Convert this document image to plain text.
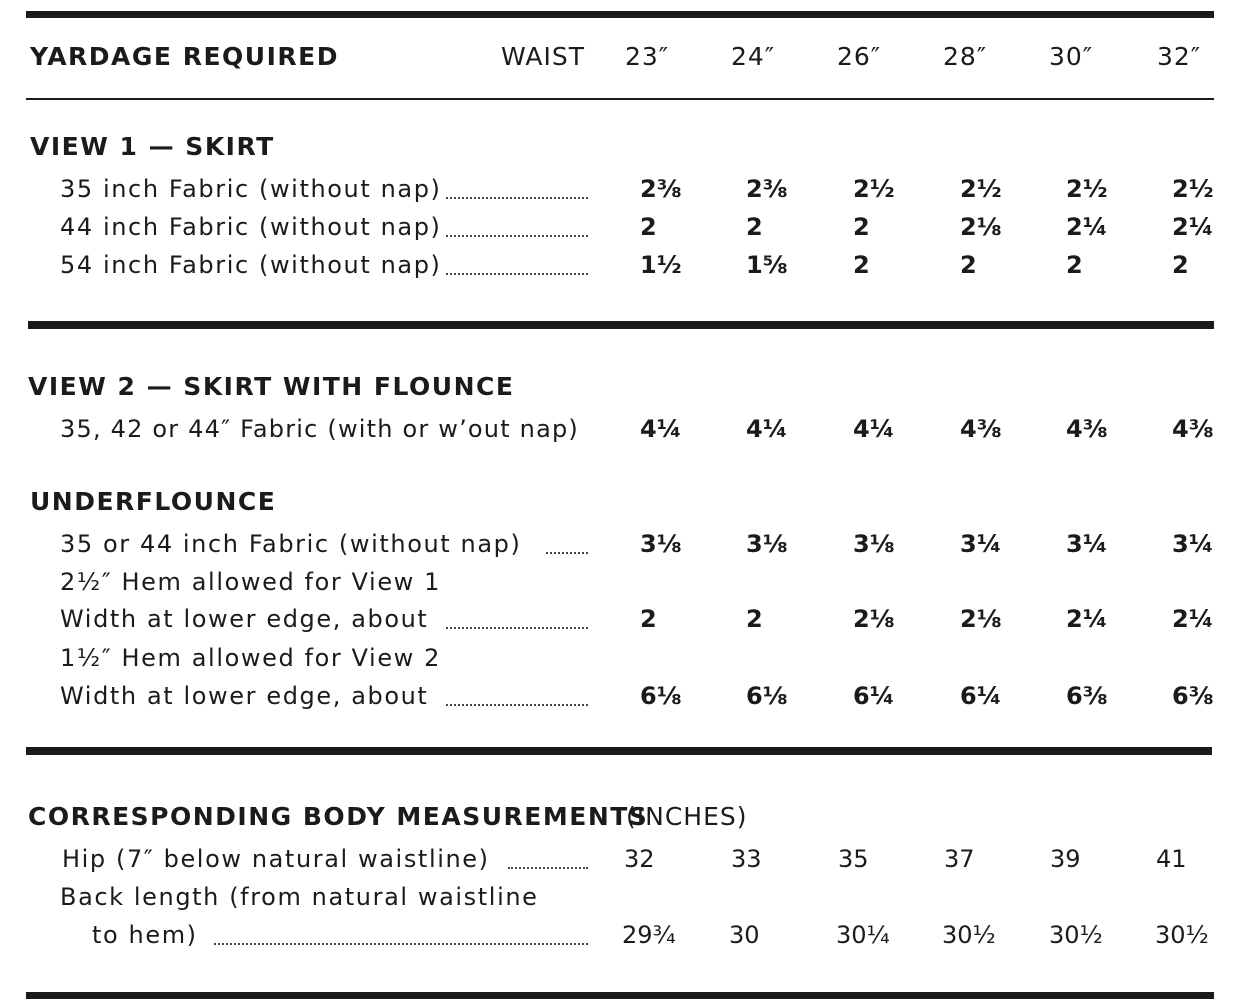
YARDAGE REQUIRED	WAIST 23″ 24″ 26″ 28″ 30″	32″
VIEW 1 — SKIRT
35 inch Fabric (without nap)	2⅜	2⅜	2½	2½	2½	2½
44 inch Fabric (without nap)	2	2	2	2⅛	2¼	2¼
54 inch Fabric (without nap)	1½	1⅝	2	2	2	2
VIEW 2 — SKIRT WITH FLOUNCE
35, 42 or 44″ Fabric (with or w’out nap)	4¼	4¼	4¼	4⅜	4⅜	4⅜
UNDERFLOUNCE
35 or 44 inch Fabric (without nap)	3⅛	3⅛	3⅛	3¼	3¼	3¼
2½″ Hem allowed for View 1
Width at lower edge, about	2	2	2⅛	2⅛	2¼	2¼
1½″ Hem allowed for View 2
Width at lower edge, about	6⅛	6⅛	6¼	6¼	6⅜	6⅜
CORRESPONDING BODY MEASUREMENTS
(INCHES)
Hip (7″ below natural waistline)	32	33	35	37	39	41
Back length (from natural waistline
to hem)	29¾ 30	30¼ 30½ 30½ 30½
